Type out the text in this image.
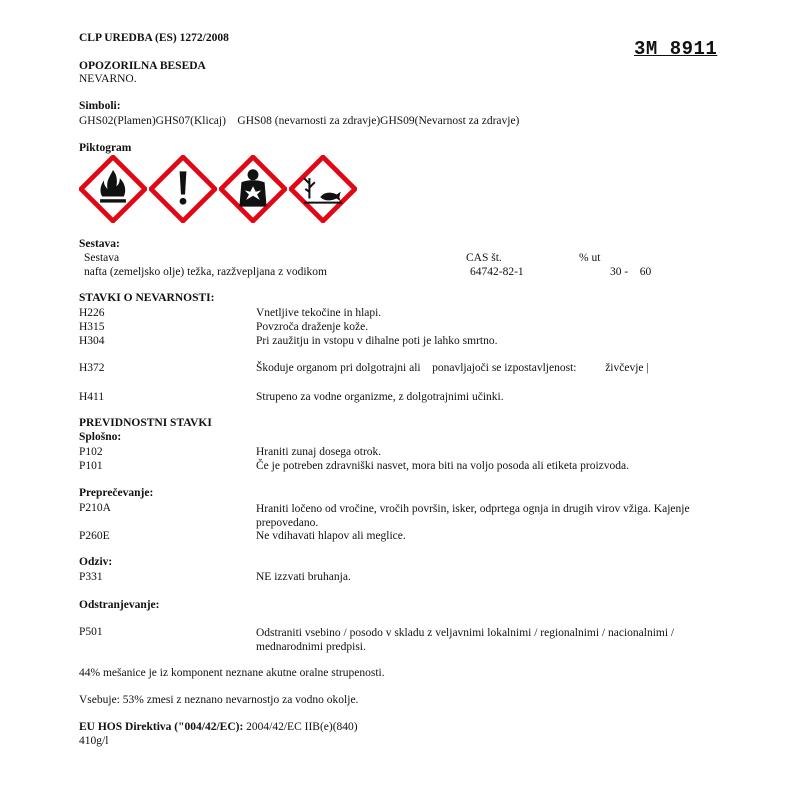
CLP UREDBA (ES) 1272/2008	3M 8911
OPOZORILNA BESEDA
NEVARNO.
Simboli:
GHS02(Plamen)GHS07(Klicaj)    GHS08 (nevarnosti za zdravje)GHS09(Nevarnost za zdravje)
Piktogram
Sestava:
Sestava	CAS št.	% ut
nafta (zemeljsko olje) težka, razžveplјana z vodikom	64742-82-1	30 -    60
STAVKI O NEVARNOSTI:
H226	Vnetljive tekočine in hlapi.
H315	Povzroča draženje kože.
H304	Pri zaužitju in vstopu v dihalne poti je lahko smrtno.
H372	Škoduje organom pri dolgotrajni ali    ponavljajoči se izpostavljenost:          živčevje |
H411	Strupeno za vodne organizme, z dolgotrajnimi učinki.
PREVIDNOSTNI STAVKI
Splošno:
P102	Hraniti zunaj dosega otrok.
P101	Če je potreben zdravniški nasvet, mora biti na voljo posoda ali etiketa proizvoda.
Preprečevanje:
P210A	Hraniti ločeno od vročine, vročih površin, isker, odprtega ognja in drugih virov vžiga. Kajenje prepovedano.
P260E	Ne vdihavati hlapov ali meglice.
Odziv:
P331	NE izzvati bruhanja.
Odstranjevanje:
P501	Odstraniti vsebino / posodo v skladu z veljavnimi lokalnimi / regionalnimi / nacionalnimi / mednarodnimi predpisi.
44% mešanice je iz komponent neznane akutne oralne strupenosti.
Vsebuje: 53% zmesi z neznano nevarnostjo za vodno okolje.
EU HOS Direktiva ("004/42/EC): 2004/42/EC IIB(e)(840)
410g/l
